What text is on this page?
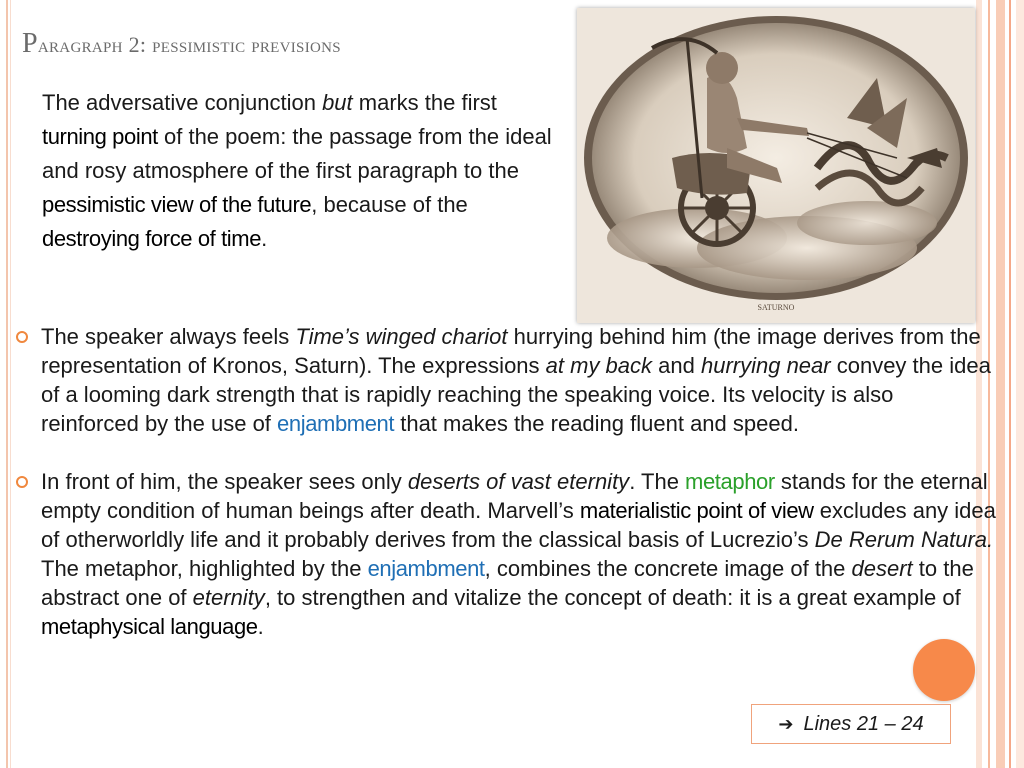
Paragraph 2: pessimistic previsions
The adversative conjunction but marks the first turning point of the poem: the passage from the ideal and rosy atmosphere of the first paragraph to the pessimistic view of the future, because of the destroying force of time.
SATURNO
The speaker always feels Time’s winged chariot hurrying behind him (the image derives from the representation of Kronos, Saturn). The expressions at my back and hurrying near convey the idea of a looming dark strength that is rapidly reaching the speaking voice. Its velocity is also reinforced by the use of enjambment that makes the reading fluent and speed.
In front of him, the speaker sees only deserts of vast eternity. The metaphor stands for the eternal empty condition of human beings after death. Marvell’s materialistic point of view excludes any idea of otherworldly life and it probably derives from the classical basis of Lucrezio’s De Rerum Natura. The metaphor, highlighted by the enjambment, combines the concrete image of the desert to the abstract one of eternity, to strengthen and vitalize the concept of death: it is a great example of metaphysical language.
➔ Lines 21 – 24
